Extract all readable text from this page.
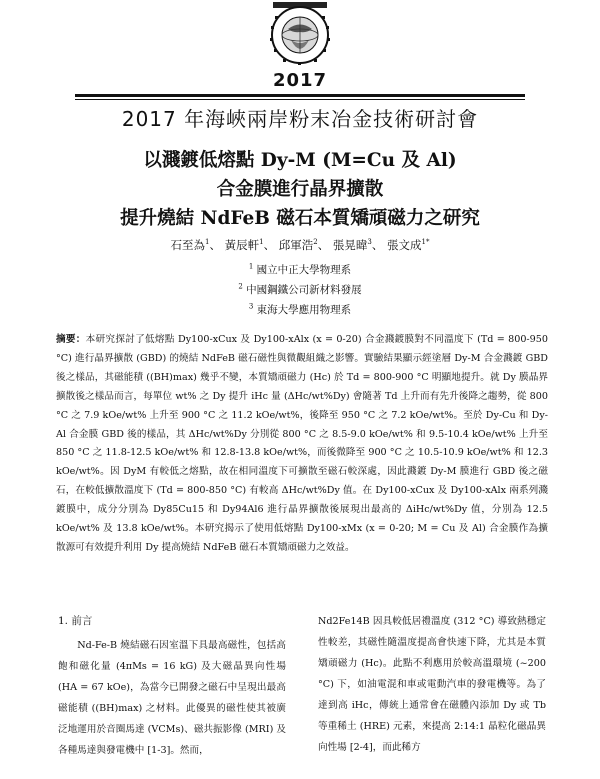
2017
2017 年海峽兩岸粉末冶金技術研討會
以濺鍍低熔點 Dy-M (M=Cu 及 Al)
合金膜進行晶界擴散
提升燒結 NdFeB 磁石本質矯頑磁力之研究
石至為$^1$、 黃辰軒$^1$、 邱軍浩$^2$、 張晃暐$^3$、 張文成$^{1*}$
$^1$ 國立中正大學物理系
$^2$ 中國鋼鐵公司新材料發展
$^3$ 東海大學應用物理系
摘要：本研究探討了低熔點 Dy100-xCux 及 Dy100-xAlx (x = 0-20) 合金濺鍍膜對不同溫度下 (Td = 800-950 °C) 進行晶界擴散 (GBD) 的燒結 NdFeB 磁石磁性與微觀組織之影響。實驗結果顯示經塗層 Dy-M 合金濺鍍 GBD 後之樣品，其磁能積 ((BH)max) 幾乎不變，本質矯頑磁力 (Hc) 於 Td = 800-900 °C 明顯地提升。就 Dy 膜晶界擴散後之樣品而言，每單位 wt% 之 Dy 提升 iHc 量 (ΔHc/wt%Dy) 會隨著 Td 上升而有先升後降之趨勢，從 800 °C 之 7.9 kOe/wt% 上升至 900 °C 之 11.2 kOe/wt%，後降至 950 °C 之 7.2 kOe/wt%。至於 Dy-Cu 和 Dy-Al 合金膜 GBD 後的樣品，其 ΔHc/wt%Dy 分別從 800 °C 之 8.5-9.0 kOe/wt% 和 9.5-10.4 kOe/wt% 上升至 850 °C 之 11.8-12.5 kOe/wt% 和 12.8-13.8 kOe/wt%，而後微降至 900 °C 之 10.5-10.9 kOe/wt% 和 12.3 kOe/wt%。因 DyM 有較低之熔點，故在相同溫度下可擴散至磁石較深處，因此濺鍍 Dy-M 膜進行 GBD 後之磁石，在較低擴散溫度下 (Td = 800-850 °C) 有較高 ΔHc/wt%Dy 值。在 Dy100-xCux 及 Dy100-xAlx 兩系列濺鍍膜中，成分分別為 Dy85Cu15 和 Dy94Al6 進行晶界擴散後展現出最高的 ΔiHc/wt%Dy 值，分別為 12.5 kOe/wt% 及 13.8 kOe/wt%。本研究揭示了使用低熔點 Dy100-xMx (x = 0-20; M = Cu 及 Al) 合金膜作為擴散源可有效提升利用 Dy 提高燒結 NdFeB 磁石本質矯頑磁力之效益。
1. 前言
Nd-Fe-B 燒結磁石因室溫下具最高磁性，包括高飽和磁化量 (4πMs = 16 kG) 及大磁晶異向性場 (HA = 67 kOe)，為當今已開發之磁石中呈現出最高磁能積 ((BH)max) 之材料。此優異的磁性使其被廣泛地運用於音圈馬達 (VCMs)、磁共振影像 (MRI) 及各種馬達與發電機中 [1-3]。然而，
Nd2Fe14B 因具較低居禮溫度 (312 °C) 導致熱穩定性較差，其磁性隨溫度提高會快速下降，尤其是本質矯頑磁力 (Hc)。此點不利應用於較高溫環境 (~200 °C) 下，如油電混和車或電動汽車的發電機等。為了達到高 iHc，傳統上通常會在磁體內添加 Dy 或 Tb 等重稀土 (HRE) 元素，來提高 2:14:1 晶粒化磁晶異向性場 [2-4]，而此稀方
